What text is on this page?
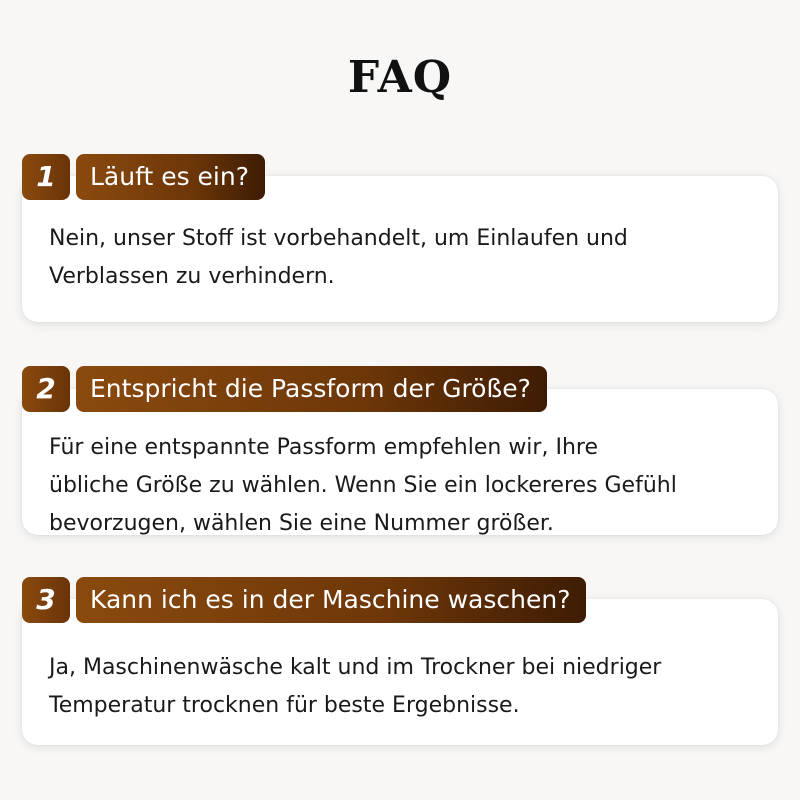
FAQ

Nein, unser Stoff ist vorbehandelt, um Einlaufen und
Verblassen zu verhindern.

1	Läuft es ein?

Für eine entspannte Passform empfehlen wir, Ihre
übliche Größe zu wählen. Wenn Sie ein lockereres Gefühl
bevorzugen, wählen Sie eine Nummer größer.

2	Entspricht die Passform der Größe?

Ja, Maschinenwäsche kalt und im Trockner bei niedriger
Temperatur trocknen für beste Ergebnisse.

3	Kann ich es in der Maschine waschen?
